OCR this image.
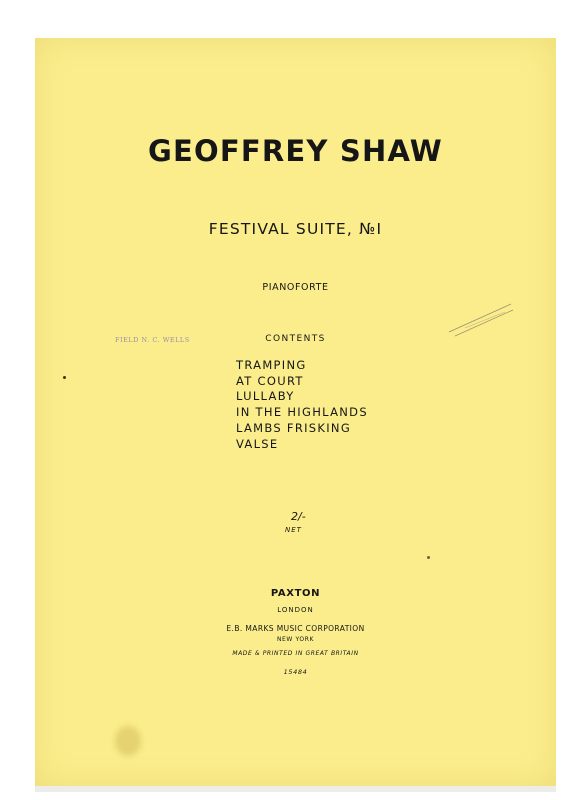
GEOFFREY SHAW
FESTIVAL SUITE, №I
PIANOFORTE
FIELD N. C. WELLS	CONTENTS
TRAMPING
AT COURT
LULLABY
IN THE HIGHLANDS
LAMBS FRISKING
VALSE
2/-
NET
PAXTON
LONDON
E.B. MARKS MUSIC CORPORATION
NEW YORK
MADE & PRINTED IN GREAT BRITAIN
15484
